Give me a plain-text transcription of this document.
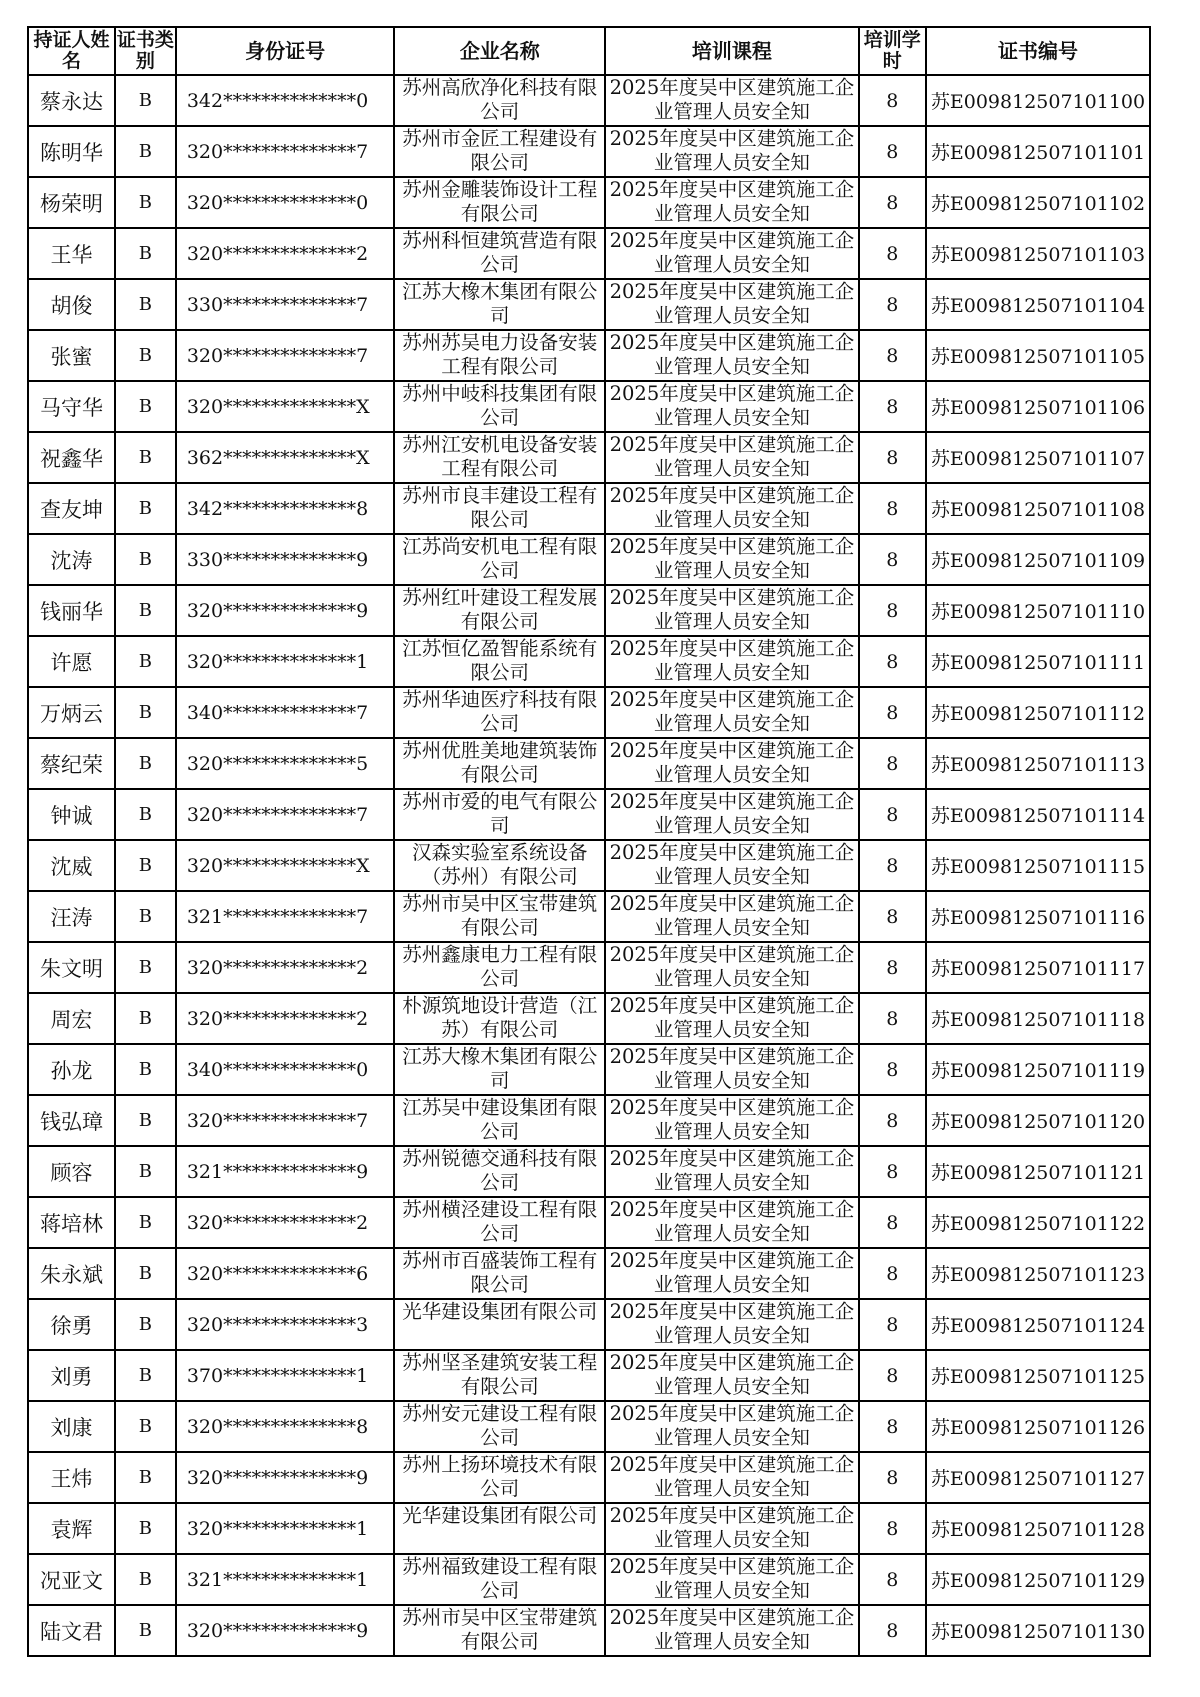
持证人姓名	证书类别	身份证号	企业名称	培训课程	培训学时	证书编号
蔡永达	B	342**************0	苏州高欣净化科技有限公司	2025年度吴中区建筑施工企业管理人员安全知	8	苏E009812507101100
陈明华	B	320**************7	苏州市金匠工程建设有限公司	2025年度吴中区建筑施工企业管理人员安全知	8	苏E009812507101101
杨荣明	B	320**************0	苏州金雕装饰设计工程有限公司	2025年度吴中区建筑施工企业管理人员安全知	8	苏E009812507101102
王华	B	320**************2	苏州科恒建筑营造有限公司	2025年度吴中区建筑施工企业管理人员安全知	8	苏E009812507101103
胡俊	B	330**************7	江苏大橡木集团有限公司	2025年度吴中区建筑施工企业管理人员安全知	8	苏E009812507101104
张蜜	B	320**************7	苏州苏吴电力设备安装工程有限公司	2025年度吴中区建筑施工企业管理人员安全知	8	苏E009812507101105
马守华	B	320**************X	苏州中岐科技集团有限公司	2025年度吴中区建筑施工企业管理人员安全知	8	苏E009812507101106
祝鑫华	B	362**************X	苏州江安机电设备安装工程有限公司	2025年度吴中区建筑施工企业管理人员安全知	8	苏E009812507101107
查友坤	B	342**************8	苏州市良丰建设工程有限公司	2025年度吴中区建筑施工企业管理人员安全知	8	苏E009812507101108
沈涛	B	330**************9	江苏尚安机电工程有限公司	2025年度吴中区建筑施工企业管理人员安全知	8	苏E009812507101109
钱丽华	B	320**************9	苏州红叶建设工程发展有限公司	2025年度吴中区建筑施工企业管理人员安全知	8	苏E009812507101110
许愿	B	320**************1	江苏恒亿盈智能系统有限公司	2025年度吴中区建筑施工企业管理人员安全知	8	苏E009812507101111
万炳云	B	340**************7	苏州华迪医疗科技有限公司	2025年度吴中区建筑施工企业管理人员安全知	8	苏E009812507101112
蔡纪荣	B	320**************5	苏州优胜美地建筑装饰有限公司	2025年度吴中区建筑施工企业管理人员安全知	8	苏E009812507101113
钟诚	B	320**************7	苏州市爱的电气有限公司	2025年度吴中区建筑施工企业管理人员安全知	8	苏E009812507101114
沈威	B	320**************X	汉森实验室系统设备（苏州）有限公司	2025年度吴中区建筑施工企业管理人员安全知	8	苏E009812507101115
汪涛	B	321**************7	苏州市吴中区宝带建筑有限公司	2025年度吴中区建筑施工企业管理人员安全知	8	苏E009812507101116
朱文明	B	320**************2	苏州鑫康电力工程有限公司	2025年度吴中区建筑施工企业管理人员安全知	8	苏E009812507101117
周宏	B	320**************2	朴源筑地设计营造（江苏）有限公司	2025年度吴中区建筑施工企业管理人员安全知	8	苏E009812507101118
孙龙	B	340**************0	江苏大橡木集团有限公司	2025年度吴中区建筑施工企业管理人员安全知	8	苏E009812507101119
钱弘璋	B	320**************7	江苏吴中建设集团有限公司	2025年度吴中区建筑施工企业管理人员安全知	8	苏E009812507101120
顾容	B	321**************9	苏州锐德交通科技有限公司	2025年度吴中区建筑施工企业管理人员安全知	8	苏E009812507101121
蒋培林	B	320**************2	苏州横泾建设工程有限公司	2025年度吴中区建筑施工企业管理人员安全知	8	苏E009812507101122
朱永斌	B	320**************6	苏州市百盛装饰工程有限公司	2025年度吴中区建筑施工企业管理人员安全知	8	苏E009812507101123
徐勇	B	320**************3	光华建设集团有限公司	2025年度吴中区建筑施工企业管理人员安全知	8	苏E009812507101124
刘勇	B	370**************1	苏州坚圣建筑安装工程有限公司	2025年度吴中区建筑施工企业管理人员安全知	8	苏E009812507101125
刘康	B	320**************8	苏州安元建设工程有限公司	2025年度吴中区建筑施工企业管理人员安全知	8	苏E009812507101126
王炜	B	320**************9	苏州上扬环境技术有限公司	2025年度吴中区建筑施工企业管理人员安全知	8	苏E009812507101127
袁辉	B	320**************1	光华建设集团有限公司	2025年度吴中区建筑施工企业管理人员安全知	8	苏E009812507101128
况亚文	B	321**************1	苏州福致建设工程有限公司	2025年度吴中区建筑施工企业管理人员安全知	8	苏E009812507101129
陆文君	B	320**************9	苏州市吴中区宝带建筑有限公司	2025年度吴中区建筑施工企业管理人员安全知	8	苏E009812507101130
